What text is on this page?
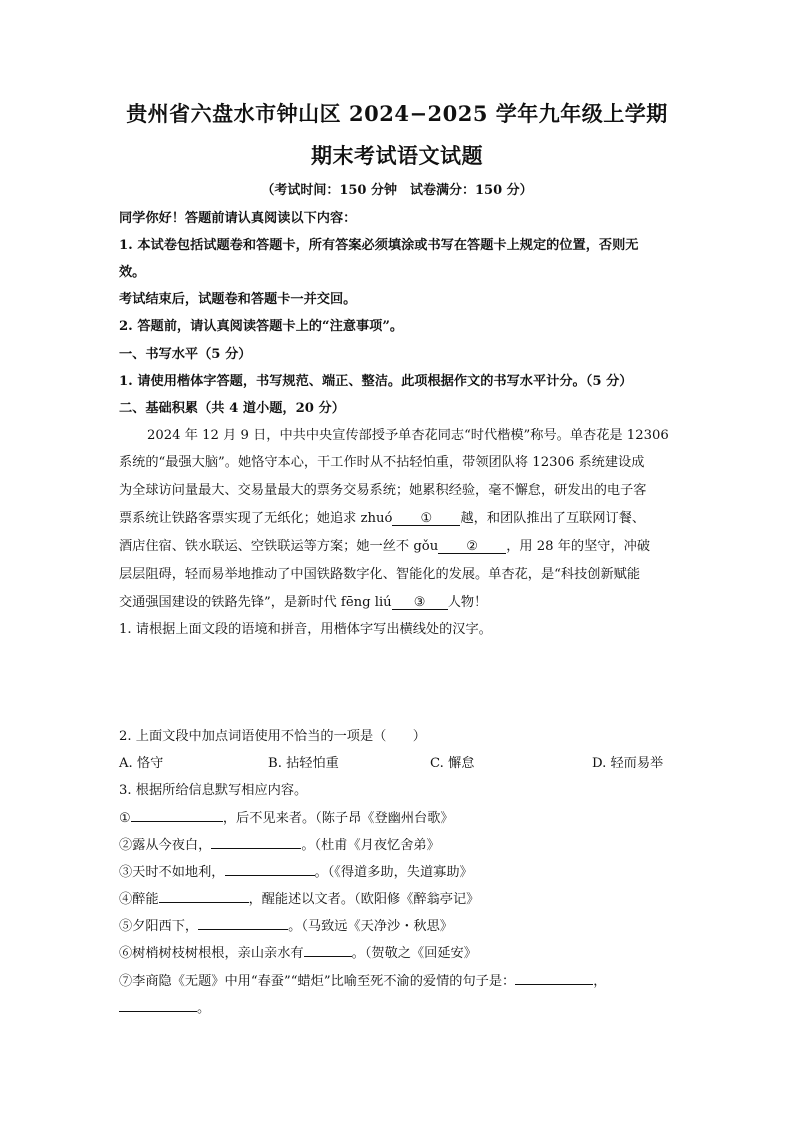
贵州省六盘水市钟山区 2024−2025 学年九年级上学期
期末考试语文试题
（考试时间：150 分钟　试卷满分：150 分）
同学你好！答题前请认真阅读以下内容：
1. 本试卷包括试题卷和答题卡，所有答案必须填涂或书写在答题卡上规定的位置，否则无
效。
考试结束后，试题卷和答题卡一并交回。
2. 答题前，请认真阅读答题卡上的“注意事项”。
一、书写水平（5 分）
1. 请使用楷体字答题，书写规范、端正、整洁。此项根据作文的书写水平计分。（5 分）
二、基础积累（共 4 道小题，20 分）
2024 年 12 月 9 日，中共中央宣传部授予单杏花同志“时代楷模”称号。单杏花是 12306
系统的“最强大脑”。她恪守本心，干工作时从不拈轻怕重，带领团队将 12306 系统建设成
为全球访问量最大、交易量最大的票务交易系统；她累积经验，毫不懈怠，研发出的电子客
票系统让铁路客票实现了无纸化；她追求 zhuó ① 越，和团队推出了互联网订餐、
酒店住宿、铁水联运、空铁联运等方案；她一丝不 gǒu ② ，用 28 年的坚守，冲破
层层阻碍，轻而易举地推动了中国铁路数字化、智能化的发展。单杏花，是“科技创新赋能
交通强国建设的铁路先锋”，是新时代 fēng liú ③ 人物！
1. 请根据上面文段的语境和拼音，用楷体字写出横线处的汉字。
2. 上面文段中加点词语使用不恰当的一项是（　　）
A. 恪守	B. 拈轻怕重	C. 懈怠	D. 轻而易举
3. 根据所给信息默写相应内容。
①	，后不见来者。（陈子昂《登幽州台歌》
②露从今夜白，	。（杜甫《月夜忆舍弟》
③天时不如地利，	。（《得道多助，失道寡助》
④醉能	，醒能述以文者。（欧阳修《醉翁亭记》
⑤夕阳西下，	。（马致远《天净沙・秋思》
⑥树梢树枝树根根，亲山亲水有	。（贺敬之《回延安》
⑦李商隐《无题》中用“春蚕”“蜡炬”比喻至死不渝的爱情的句子是：	，
。
